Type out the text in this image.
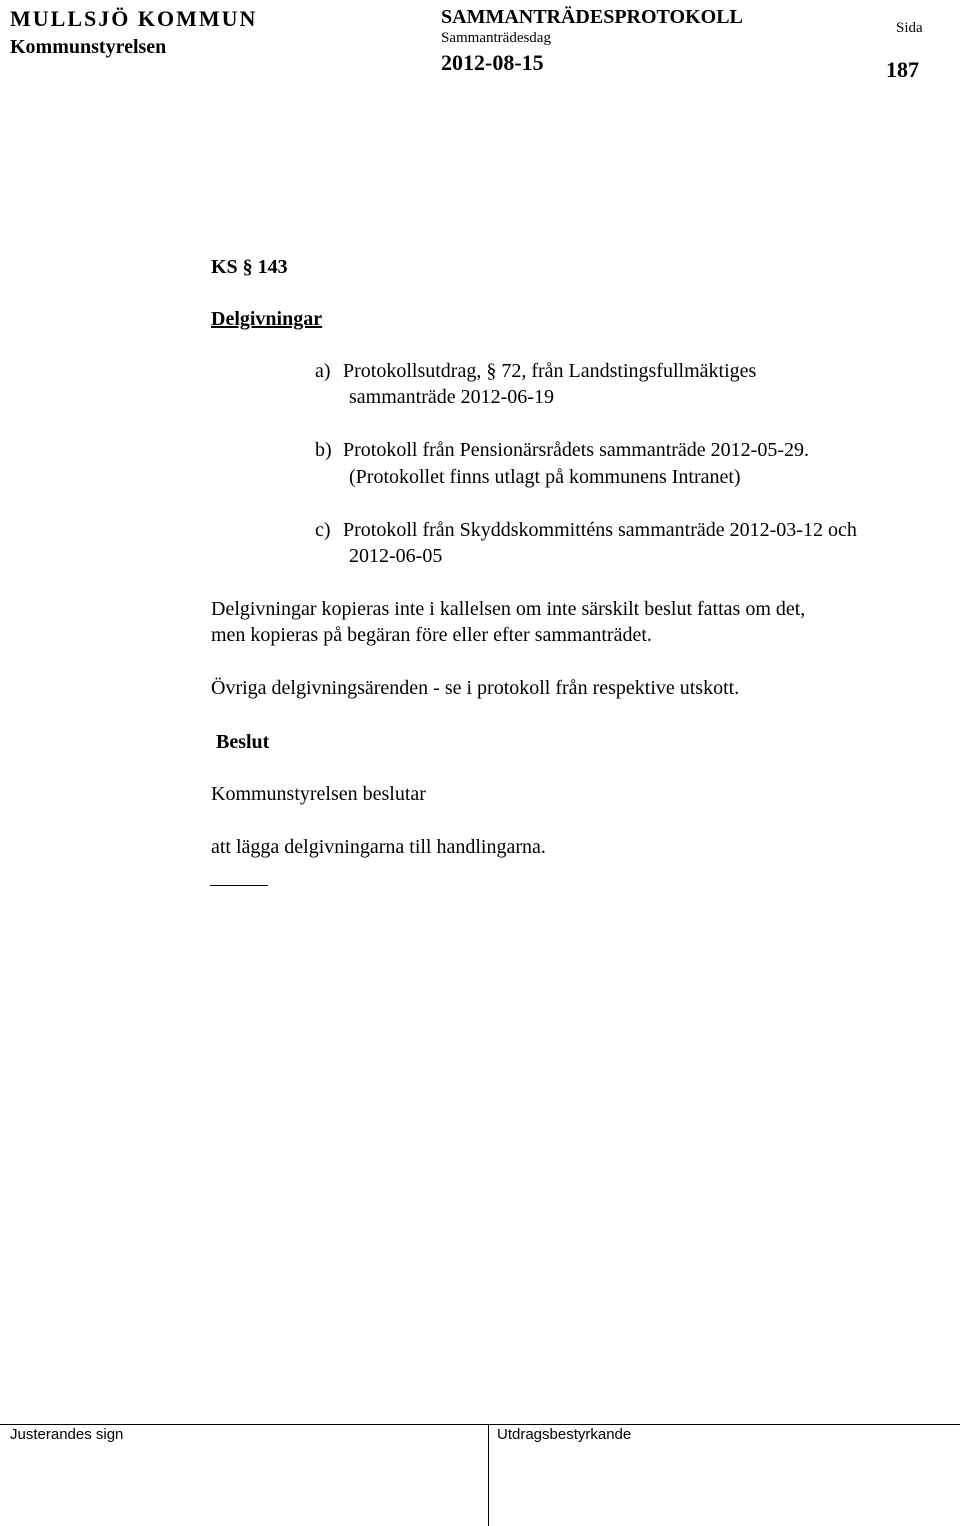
MULLSJÖ KOMMUN
Kommunstyrelsen
SAMMANTRÄDESPROTOKOLL
Sammanträdesdag
2012-08-15
Sida
187
KS § 143
Delgivningar
a) Protokollsutdrag, § 72, från Landstingsfullmäktiges
sammanträde 2012-06-19
b) Protokoll från Pensionärsrådets sammanträde 2012-05-29.
(Protokollet finns utlagt på kommunens Intranet)
c) Protokoll från Skyddskommitténs sammanträde 2012-03-12 och
2012-06-05
Delgivningar kopieras inte i kallelsen om inte särskilt beslut fattas om det,
men kopieras på begäran före eller efter sammanträdet.
Övriga delgivningsärenden - se i protokoll från respektive utskott.
Beslut
Kommunstyrelsen beslutar
att lägga delgivningarna till handlingarna.
Justerandes sign	Utdragsbestyrkande
